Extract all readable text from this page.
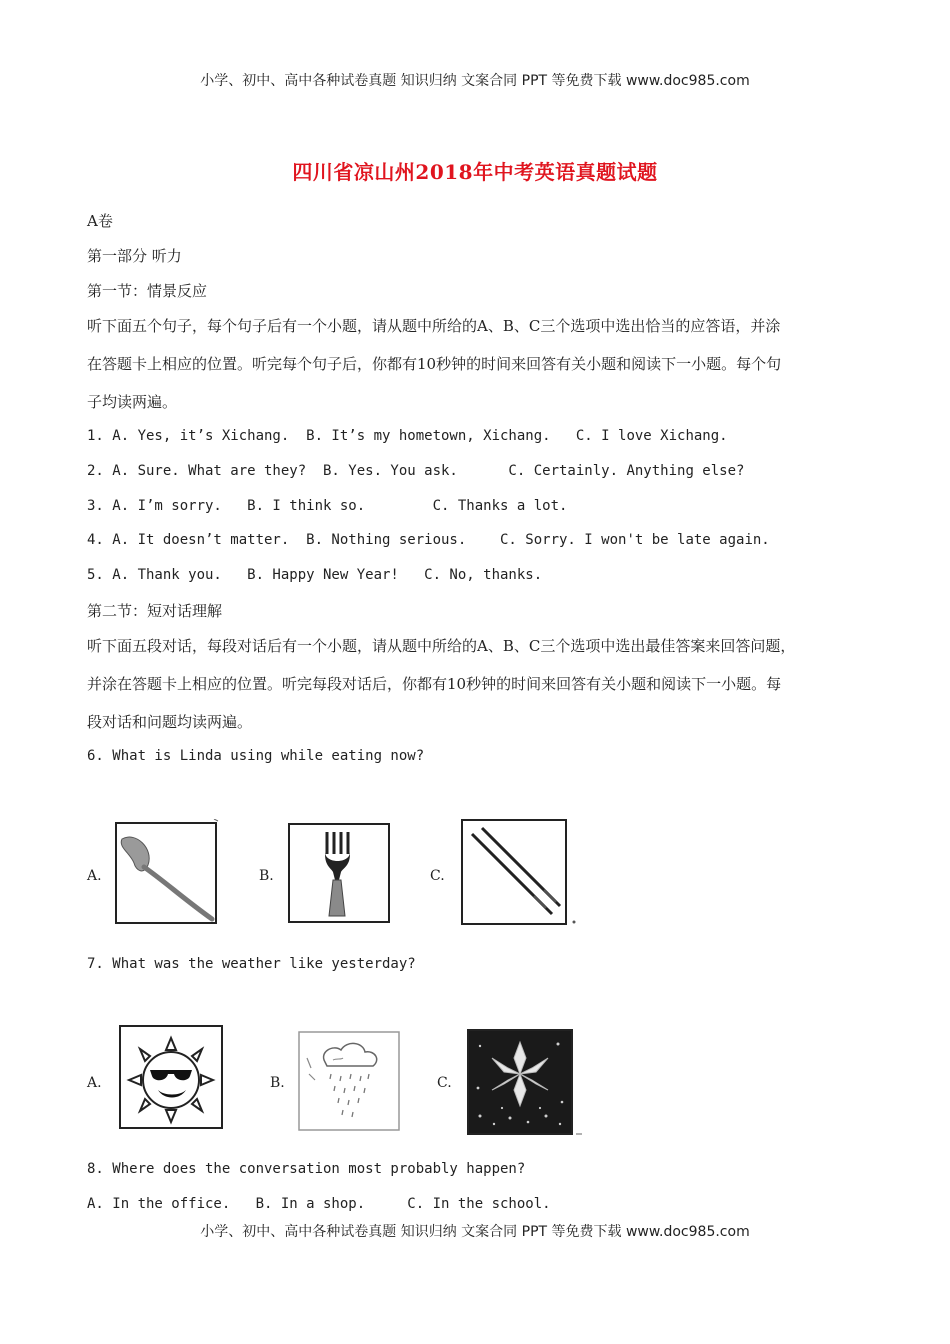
小学、初中、高中各种试卷真题 知识归纳 文案合同 PPT 等免费下载 www.doc985.com
四川省凉山州2018年中考英语真题试题
A卷
第一部分 听力
第一节：情景反应
听下面五个句子，每个句子后有一个小题，请从题中所给的A、B、C三个选项中选出恰当的应答语，并涂
在答题卡上相应的位置。听完每个句子后，你都有10秒钟的时间来回答有关小题和阅读下一小题。每个句
子均读两遍。
1. A. Yes, it’s Xichang.  B. It’s my hometown, Xichang.   C. I love Xichang.
2. A. Sure. What are they?  B. Yes. You ask.      C. Certainly. Anything else?
3. A. I’m sorry.   B. I think so.        C. Thanks a lot.
4. A. It doesn’t matter.  B. Nothing serious.    C. Sorry. I won't be late again.
5. A. Thank you.   B. Happy New Year!   C. No, thanks.
第二节：短对话理解
听下面五段对话，每段对话后有一个小题，请从题中所给的A、B、C三个选项中选出最佳答案来回答问题，
并涂在答题卡上相应的位置。听完每段对话后，你都有10秒钟的时间来回答有关小题和阅读下一小题。每
段对话和问题均读两遍。
6. What is Linda using while eating now?
A.	B.	C.
7. What was the weather like yesterday?
A.	B.	C.
8. Where does the conversation most probably happen?
A. In the office.   B. In a shop.     C. In the school.
小学、初中、高中各种试卷真题 知识归纳 文案合同 PPT 等免费下载 www.doc985.com
